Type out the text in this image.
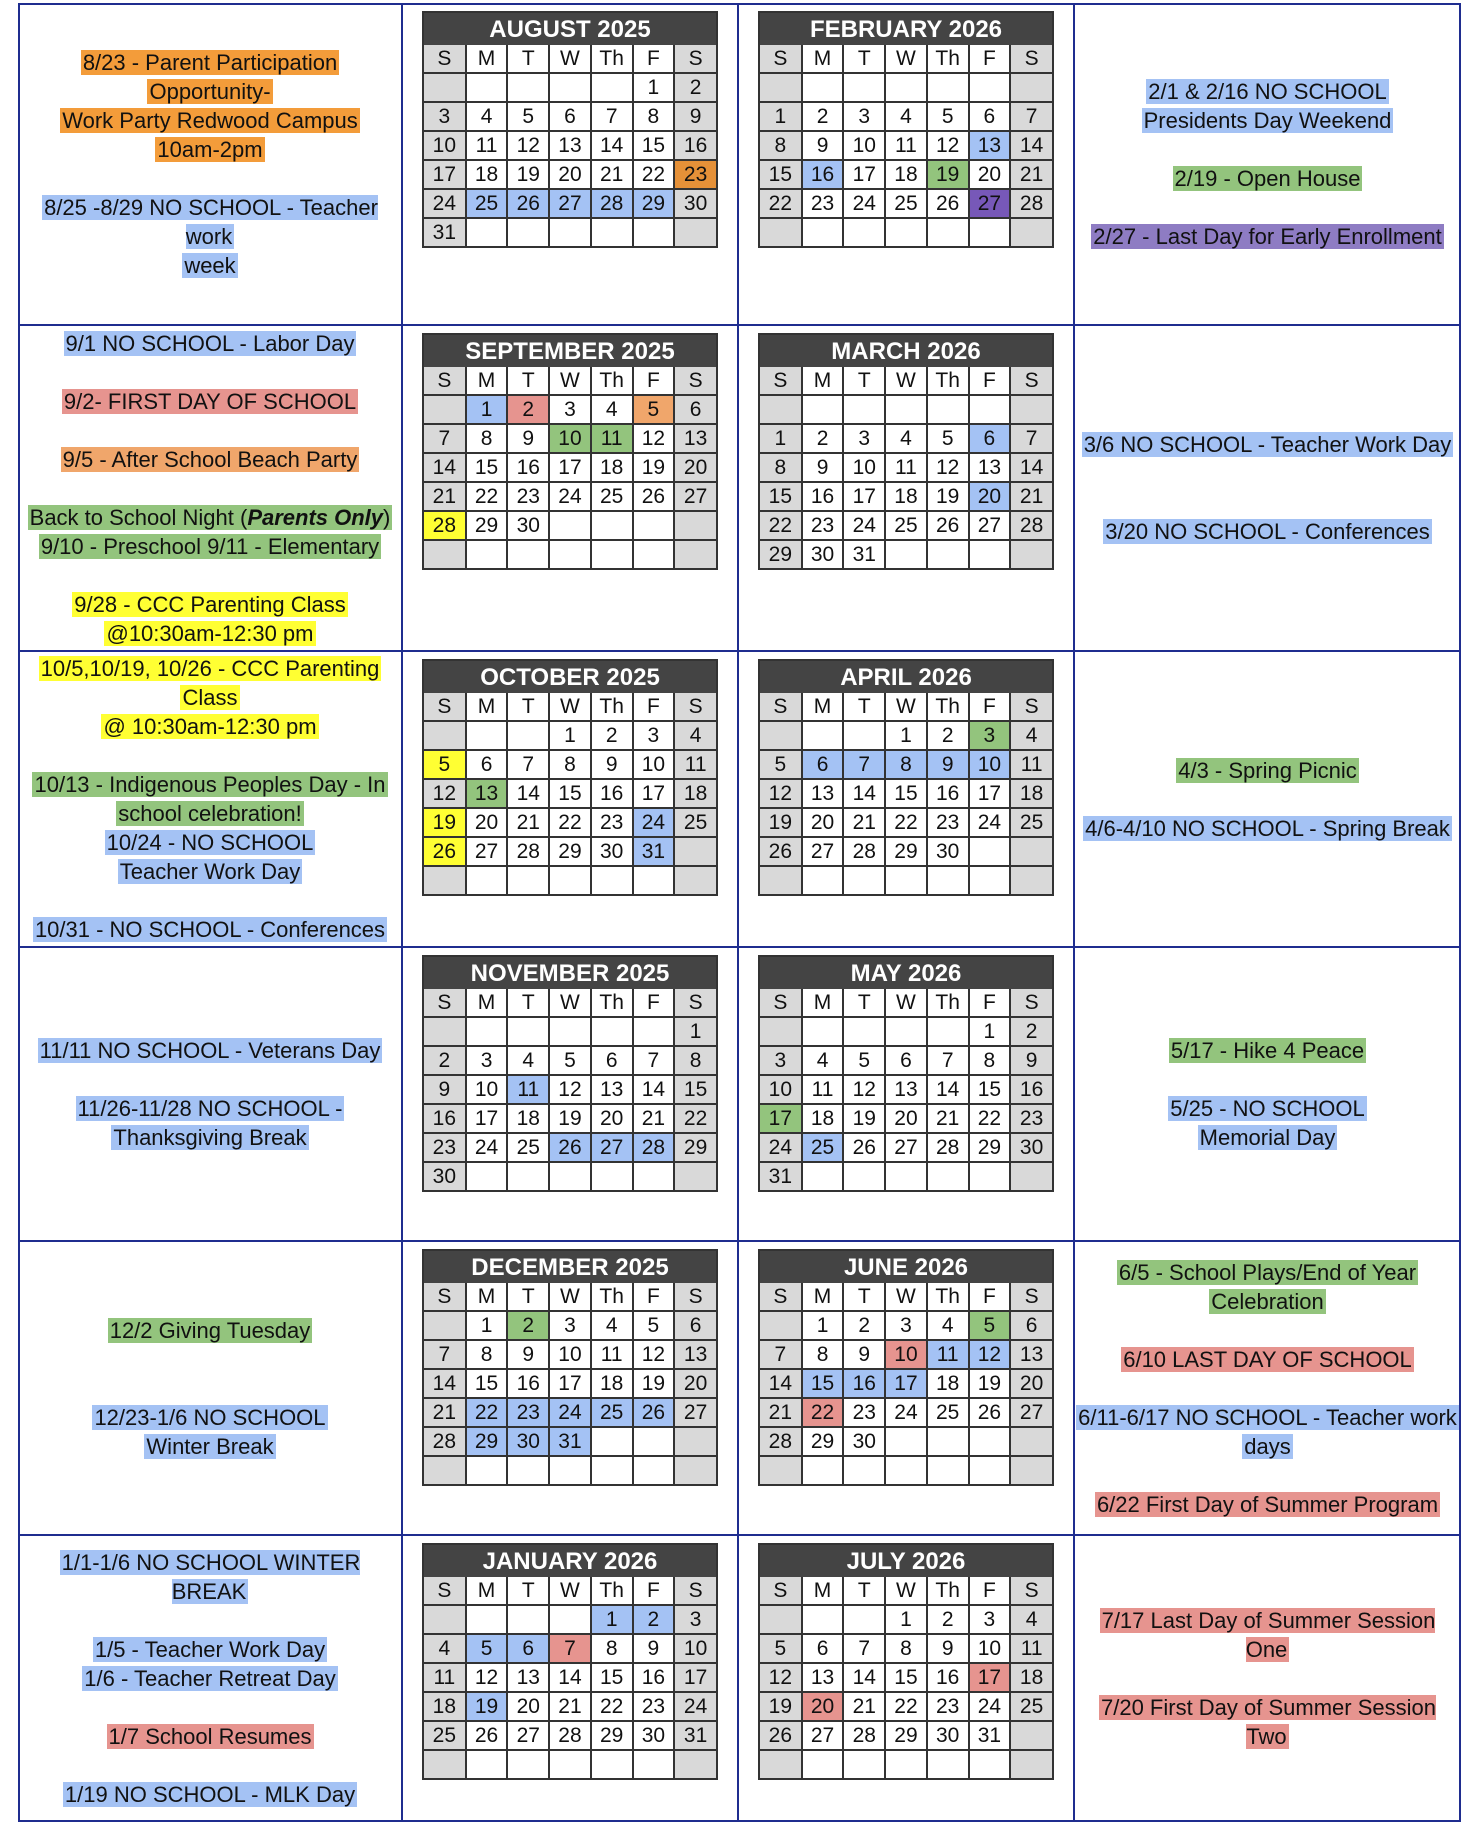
8/23 - Parent Participation
Opportunity-
Work Party Redwood Campus
10am-2pm
8/25 -8/29 NO SCHOOL - Teacher work
week
2/1 & 2/16 NO SCHOOL
Presidents Day Weekend
2/19 - Open House
2/27 - Last Day for Early Enrollment
AUGUST 2025
S	M	T	W	Th	F	S
					1	2
3	4	5	6	7	8	9
10	11	12	13	14	15	16
17	18	19	20	21	22	23
24	25	26	27	28	29	30
31						
FEBRUARY 2026
S	M	T	W	Th	F	S

1	2	3	4	5	6	7
8	9	10	11	12	13	14
15	16	17	18	19	20	21
22	23	24	25	26	27	28

9/1 NO SCHOOL - Labor Day
9/2- FIRST DAY OF SCHOOL
9/5 - After School Beach Party
Back to School Night (Parents Only)
9/10 - Preschool 9/11 - Elementary
9/28 - CCC Parenting Class
@10:30am-12:30 pm
3/6 NO SCHOOL - Teacher Work Day
3/20 NO SCHOOL - Conferences
SEPTEMBER 2025
S	M	T	W	Th	F	S
	1	2	3	4	5	6
7	8	9	10	11	12	13
14	15	16	17	18	19	20
21	22	23	24	25	26	27
28	29	30				

MARCH 2026
S	M	T	W	Th	F	S

1	2	3	4	5	6	7
8	9	10	11	12	13	14
15	16	17	18	19	20	21
22	23	24	25	26	27	28
29	30	31				
10/5,10/19, 10/26 - CCC Parenting
Class
@ 10:30am-12:30 pm
10/13 - Indigenous Peoples Day - In
school celebration!
10/24 - NO SCHOOL
Teacher Work Day
10/31 - NO SCHOOL - Conferences
4/3 - Spring Picnic
4/6-4/10 NO SCHOOL - Spring Break
OCTOBER 2025
S	M	T	W	Th	F	S
			1	2	3	4
5	6	7	8	9	10	11
12	13	14	15	16	17	18
19	20	21	22	23	24	25
26	27	28	29	30	31	

APRIL 2026
S	M	T	W	Th	F	S
			1	2	3	4
5	6	7	8	9	10	11
12	13	14	15	16	17	18
19	20	21	22	23	24	25
26	27	28	29	30		

11/11 NO SCHOOL - Veterans Day
11/26-11/28 NO SCHOOL -
Thanksgiving Break
5/17 - Hike 4 Peace
5/25 - NO SCHOOL
Memorial Day
NOVEMBER 2025
S	M	T	W	Th	F	S
						1
2	3	4	5	6	7	8
9	10	11	12	13	14	15
16	17	18	19	20	21	22
23	24	25	26	27	28	29
30						
MAY 2026
S	M	T	W	Th	F	S
					1	2
3	4	5	6	7	8	9
10	11	12	13	14	15	16
17	18	19	20	21	22	23
24	25	26	27	28	29	30
31						
12/2 Giving Tuesday
12/23-1/6 NO SCHOOL
Winter Break
6/5 - School Plays/End of Year
Celebration
6/10 LAST DAY OF SCHOOL
6/11-6/17 NO SCHOOL - Teacher work
days
6/22 First Day of Summer Program
DECEMBER 2025
S	M	T	W	Th	F	S
	1	2	3	4	5	6
7	8	9	10	11	12	13
14	15	16	17	18	19	20
21	22	23	24	25	26	27
28	29	30	31			

JUNE 2026
S	M	T	W	Th	F	S
	1	2	3	4	5	6
7	8	9	10	11	12	13
14	15	16	17	18	19	20
21	22	23	24	25	26	27
28	29	30				

1/1-1/6 NO SCHOOL WINTER BREAK
1/5 - Teacher Work Day
1/6 - Teacher Retreat Day
1/7 School Resumes
1/19 NO SCHOOL - MLK Day
7/17 Last Day of Summer Session One
7/20 First Day of Summer Session Two
JANUARY 2026
S	M	T	W	Th	F	S
				1	2	3
4	5	6	7	8	9	10
11	12	13	14	15	16	17
18	19	20	21	22	23	24
25	26	27	28	29	30	31

JULY 2026
S	M	T	W	Th	F	S
			1	2	3	4
5	6	7	8	9	10	11
12	13	14	15	16	17	18
19	20	21	22	23	24	25
26	27	28	29	30	31	
